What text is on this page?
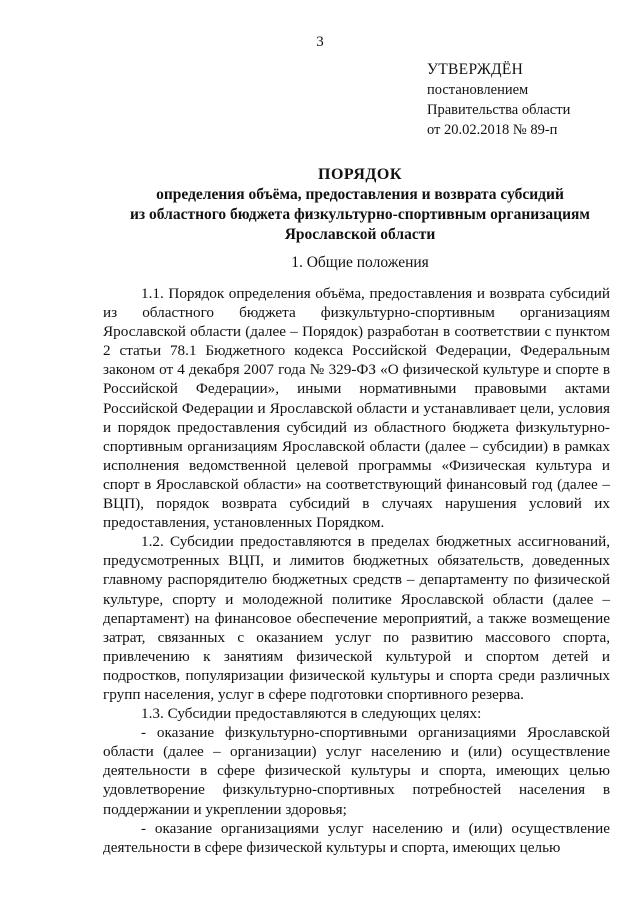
3
УТВЕРЖДЁН
постановлением
Правительства области
от 20.02.2018 № 89-п
ПОРЯДОК
определения объёма, предоставления и возврата субсидий
из областного бюджета физкультурно-спортивным организациям
Ярославской области
1. Общие положения

1.1. Порядок определения объёма, предоставления и возврата субсидий из областного бюджета физкультурно-спортивным организациям Ярославской области (далее – Порядок) разработан в соответствии с пунктом 2 статьи 78.1 Бюджетного кодекса Российской Федерации, Федеральным законом от 4 декабря 2007 года № 329-ФЗ «О физической культуре и спорте в Российской Федерации», иными нормативными правовыми актами Российской Федерации и Ярославской области и устанавливает цели, условия и порядок предоставления субсидий из областного бюджета физкультурно-спортивным организациям Ярославской области (далее – субсидии) в рамках исполнения ведомственной целевой программы «Физическая культура и спорт в Ярославской области» на соответствующий финансовый год (далее – ВЦП), порядок возврата субсидий в случаях нарушения условий их предоставления, установленных Порядком.

1.2. Субсидии предоставляются в пределах бюджетных ассигнований, предусмотренных ВЦП, и лимитов бюджетных обязательств, доведенных главному распорядителю бюджетных средств – департаменту по физической культуре, спорту и молодежной политике Ярославской области (далее – департамент) на финансовое обеспечение мероприятий, а также возмещение затрат, связанных с оказанием услуг по развитию массового спорта, привлечению к занятиям физической культурой и спортом детей и подростков, популяризации физической культуры и спорта среди различных групп населения, услуг в сфере подготовки спортивного резерва.

1.3. Субсидии предоставляются в следующих целях:

- оказание физкультурно-спортивными организациями Ярославской области (далее – организации) услуг населению и (или) осуществление деятельности в сфере физической культуры и спорта, имеющих целью удовлетворение физкультурно-спортивных потребностей населения в поддержании и укреплении здоровья;

- оказание организациями услуг населению и (или) осуществление деятельности в сфере физической культуры и спорта, имеющих целью
